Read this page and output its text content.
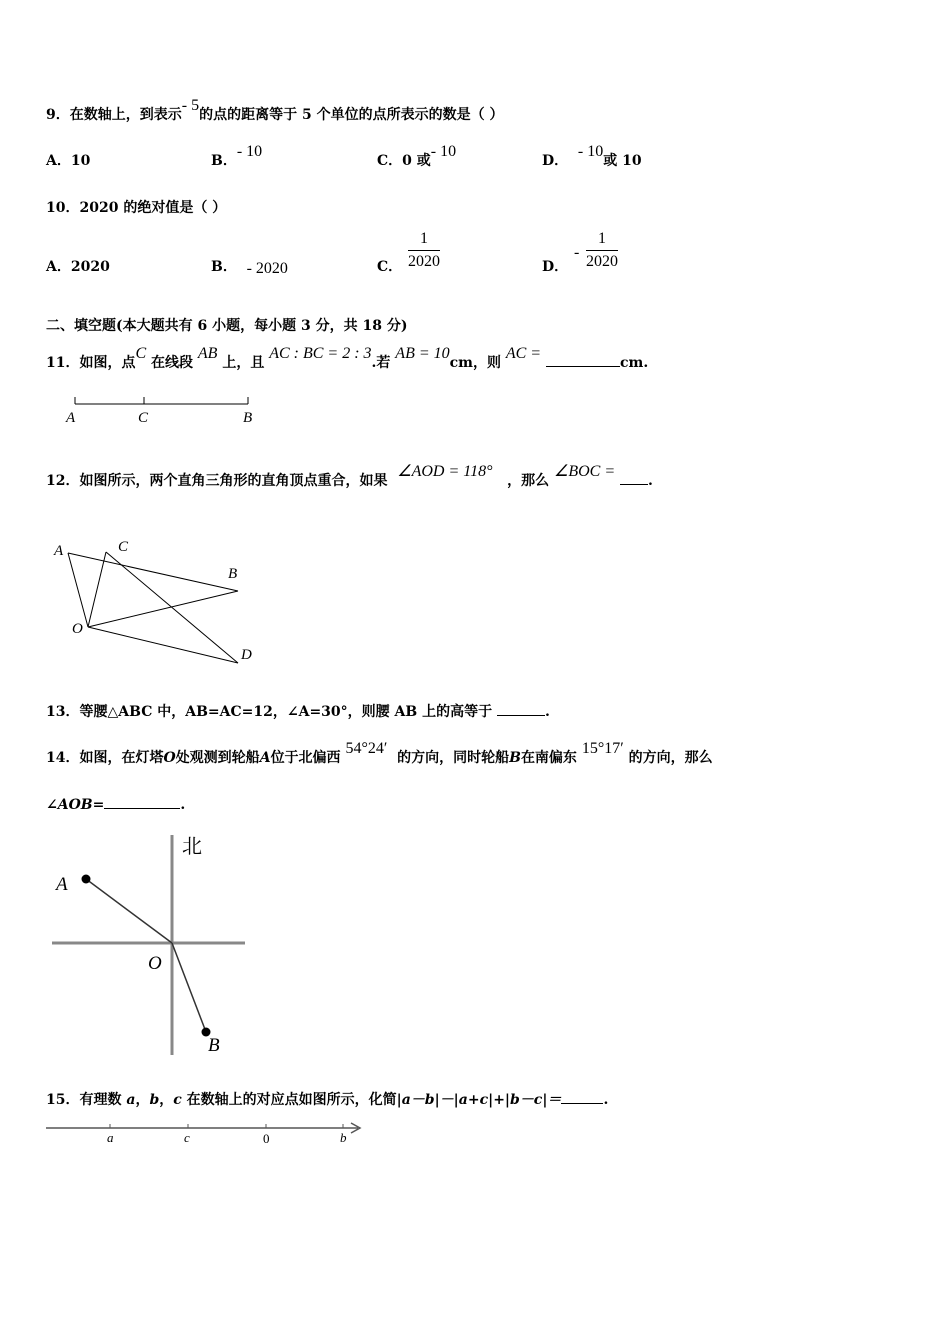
9．在数轴上，到表示- 5的点的距离等于 5 个单位的点所表示的数是（ ）
A．10	B．- 10
C．0 或- 10
D．  - 10或 10
10．2020 的绝对值是（ ）
A．2020	B． - 2020	C． $\frac{1}{2020}$	D．
- $\frac{1}{2020}$
二、填空题(本大题共有 6 小题，每小题 3 分，共 18 分)
11．如图，点C 在线段 AB 上，且 AC : BC = 2 : 3.若 AB = 10cm，则 AC = cm.
A	C	B
12．如图所示，两个直角三角形的直角顶点重合，如果  ∠AOD = 118°   ，那么 ∠BOC = .
A	C
B
O
D
13．等腰△ABC 中，AB=AC=12，∠A=30°，则腰 AB 上的高等于	.
14．如图，在灯塔O处观测到轮船A位于北偏西 54°24′  的方向，同时轮船B在南偏东 15°17′ 的方向，那么
∠AOB=	.
北
A
O
B
15．有理数 a，b，c 在数轴上的对应点如图所示，化简|a－b|－|a+c|+|b－c|＝	.
a	c	0	b
